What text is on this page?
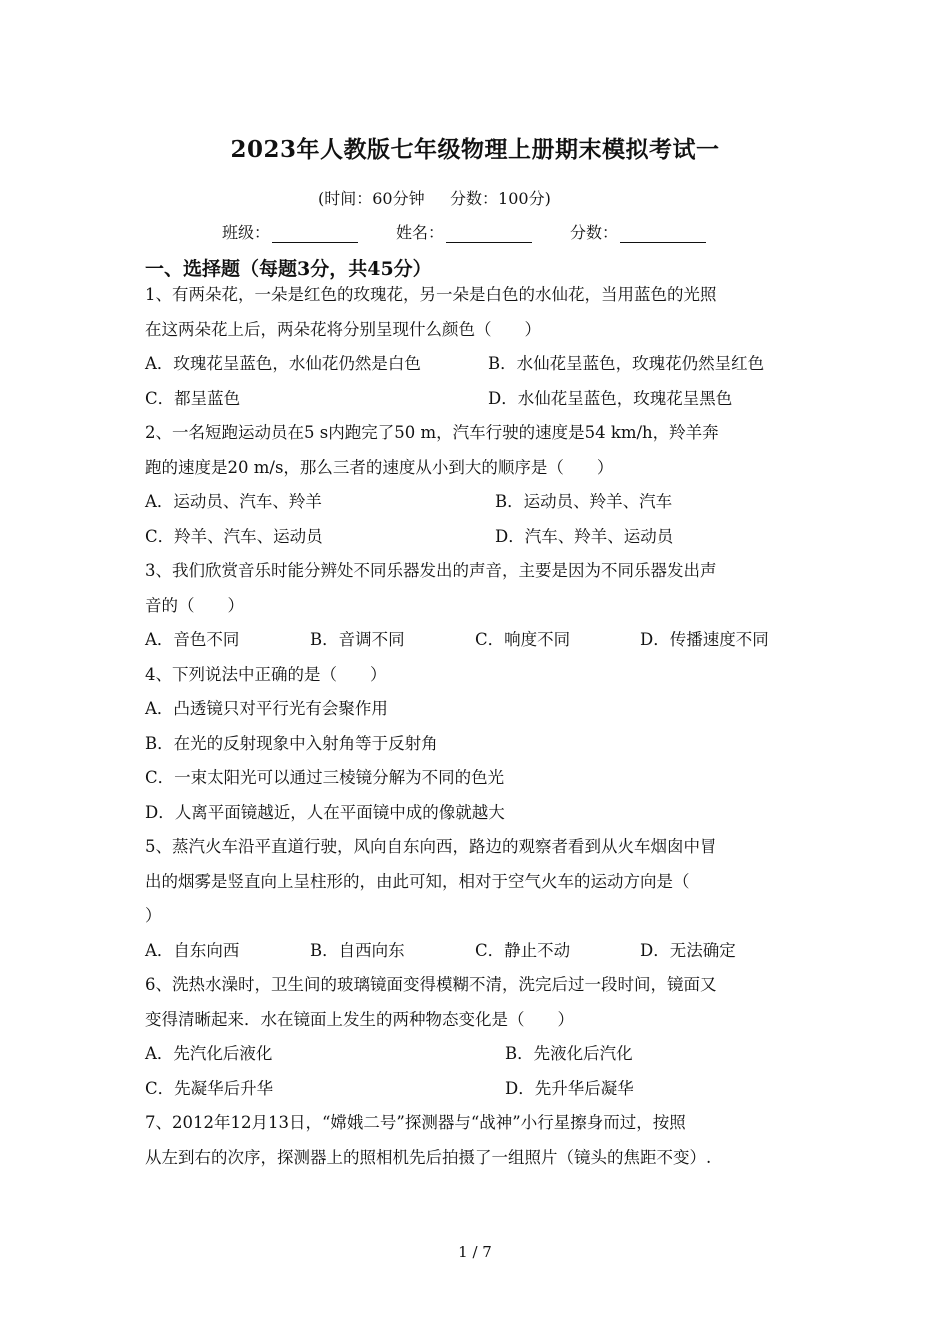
2023年人教版七年级物理上册期末模拟考试一
(时间：60分钟     分数：100分)
班级：	姓名：	分数：
一、选择题（每题3分，共45分）

1、有两朵花，一朵是红色的玫瑰花，另一朵是白色的水仙花，当用蓝色的光照

在这两朵花上后，两朵花将分别呈现什么颜色（　　）

A．玫瑰花呈蓝色，水仙花仍然是白色	B．水仙花呈蓝色，玫瑰花仍然呈红色
C．都呈蓝色	D．水仙花呈蓝色，玫瑰花呈黑色

2、一名短跑运动员在5 s内跑完了50 m，汽车行驶的速度是54 km/h，羚羊奔

跑的速度是20 m/s，那么三者的速度从小到大的顺序是（　　）

A．运动员、汽车、羚羊	B．运动员、羚羊、汽车
C．羚羊、汽车、运动员	D．汽车、羚羊、运动员

3、我们欣赏音乐时能分辨处不同乐器发出的声音，主要是因为不同乐器发出声

音的（　　）

A．音色不同	B．音调不同	C．响度不同	D．传播速度不同

4、下列说法中正确的是（　　）

A．凸透镜只对平行光有会聚作用
B．在光的反射现象中入射角等于反射角
C．一束太阳光可以通过三棱镜分解为不同的色光
D．人离平面镜越近，人在平面镜中成的像就越大

5、蒸汽火车沿平直道行驶，风向自东向西，路边的观察者看到从火车烟囱中冒

出的烟雾是竖直向上呈柱形的，由此可知，相对于空气火车的运动方向是（

）

A．自东向西	B．自西向东	C．静止不动	D．无法确定

6、洗热水澡时，卫生间的玻璃镜面变得模糊不清，洗完后过一段时间，镜面又

变得清晰起来．水在镜面上发生的两种物态变化是（　　）

A．先汽化后液化	B．先液化后汽化
C．先凝华后升华	D．先升华后凝华

7、2012年12月13日，“嫦娥二号”探测器与“战神”小行星擦身而过，按照

从左到右的次序，探测器上的照相机先后拍摄了一组照片（镜头的焦距不变）.

1 / 7
